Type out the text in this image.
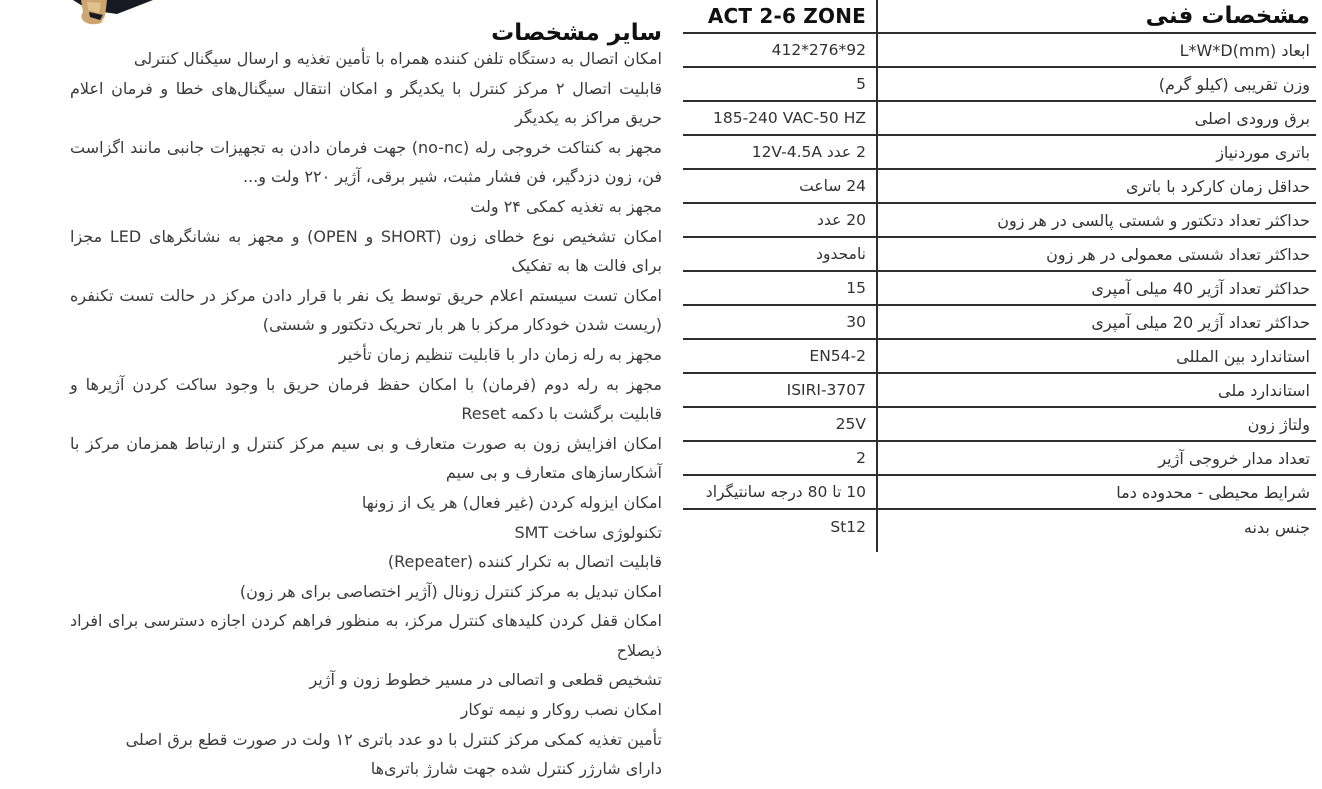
ACT 2-6 ZONE	مشخصات فنی
412*276*92	ابعاد L*W*D(mm)
5	وزن تقریبی (کیلو گرم)
185-240 VAC-50 HZ	برق ورودی اصلی
2 عدد 12V-4.5A	باتری موردنیاز
24 ساعت	حداقل زمان کارکرد با باتری
20 عدد	حداکثر تعداد دتکتور و شستی پالسی در هر زون
نامحدود	حداکثر تعداد شستی معمولی در هر زون
15	حداکثر تعداد آژیر 40 میلی آمپری
30	حداکثر تعداد آژیر 20 میلی آمپری
EN54-2	استاندارد بین المللی
ISIRI-3707	استاندارد ملی
25V	ولتاژ زون
2	تعداد مدار خروجی آژیر
10 تا 80 درجه سانتیگراد	شرایط محیطی - محدوده دما
St12	جنس بدنه
سایر مشخصات

امکان اتصال به دستگاه تلفن کننده همراه با تأمین تغذیه و ارسال سیگنال کنترلی

قابلیت اتصال ۲ مرکز کنترل با یکدیگر و امکان انتقال سیگنال‌های خطا و فرمان اعلام حریق مراکز به یکدیگر

مجهز به کنتاکت خروجی رله (no-nc) جهت فرمان دادن به تجهیزات جانبی مانند اگزاست فن، زون دزدگیر، فن فشار مثبت، شیر برقی، آژیر ۲۲۰ ولت و...

مجهز به تغذیه کمکی ۲۴ ولت

امکان تشخیص نوع خطای زون (SHORT و OPEN) و مجهز به نشانگرهای LED مجزا برای فالت ها به تفکیک

امکان تست سیستم اعلام حریق توسط یک نفر با قرار دادن مرکز در حالت تست تکنفره (ریست شدن خودکار مرکز با هر بار تحریک دتکتور و شستی)

مجهز به رله زمان دار با قابلیت تنظیم زمان تأخیر

مجهز به رله دوم (فرمان) با امکان حفظ فرمان حریق با وجود ساکت کردن آژیرها و قابلیت برگشت با دکمه Reset

امکان افزایش زون به صورت متعارف و بی سیم مرکز کنترل و ارتباط همزمان مرکز با آشکارسازهای متعارف و بی سیم

امکان ایزوله کردن (غیر فعال) هر یک از زونها

تکنولوژی ساخت SMT

قابلیت اتصال به تکرار کننده (Repeater)

امکان تبدیل به مرکز کنترل زونال (آژیر اختصاصی برای هر زون)

امکان قفل کردن کلیدهای کنترل مرکز، به منظور فراهم کردن اجازه دسترسی برای افراد ذیصلاح

تشخیص قطعی و اتصالی در مسیر خطوط زون و آژیر

امکان نصب روکار و نیمه توکار

تأمین تغذیه کمکی مرکز کنترل با دو عدد باتری ۱۲ ولت در صورت قطع برق اصلی

دارای شارژر کنترل شده جهت شارژ باتری‌ها
